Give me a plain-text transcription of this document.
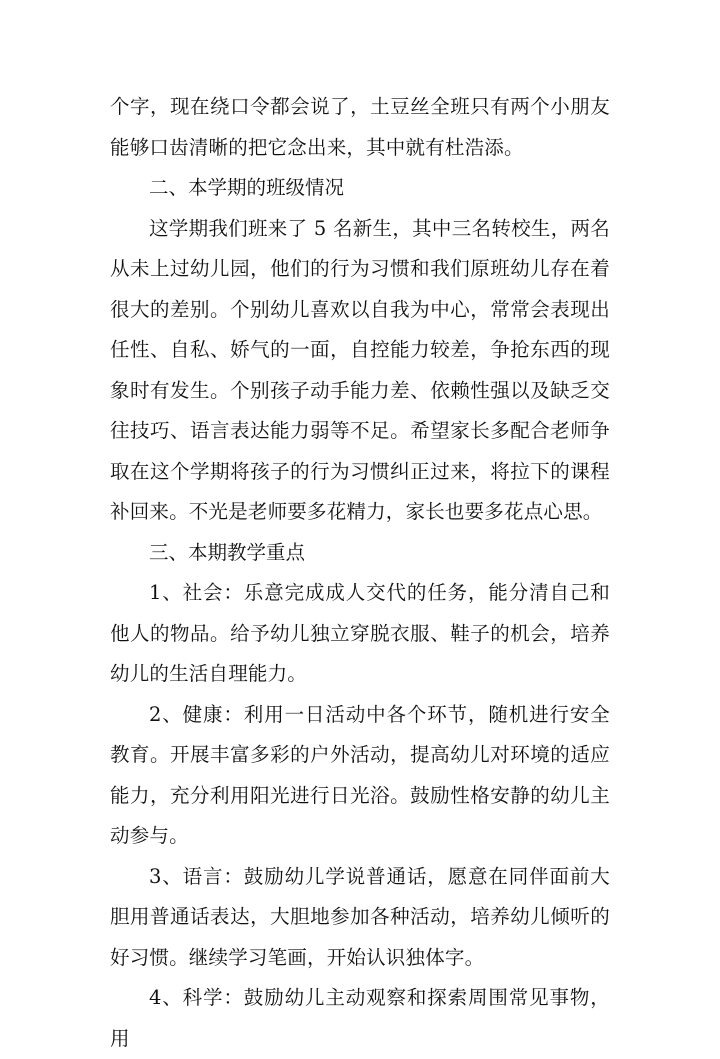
个字，现在绕口令都会说了，土豆丝全班只有两个小朋友能够口齿清晰的把它念出来，其中就有杜浩添。

二、本学期的班级情况

这学期我们班来了 5 名新生，其中三名转校生，两名从未上过幼儿园，他们的行为习惯和我们原班幼儿存在着很大的差别。个别幼儿喜欢以自我为中心，常常会表现出任性、自私、娇气的一面，自控能力较差，争抢东西的现象时有发生。个别孩子动手能力差、依赖性强以及缺乏交往技巧、语言表达能力弱等不足。希望家长多配合老师争取在这个学期将孩子的行为习惯纠正过来，将拉下的课程补回来。不光是老师要多花精力，家长也要多花点心思。

三、本期教学重点

1、社会：乐意完成成人交代的任务，能分清自己和他人的物品。给予幼儿独立穿脱衣服、鞋子的机会，培养幼儿的生活自理能力。

2、健康：利用一日活动中各个环节，随机进行安全教育。开展丰富多彩的户外活动，提高幼儿对环境的适应能力，充分利用阳光进行日光浴。鼓励性格安静的幼儿主动参与。

3、语言：鼓励幼儿学说普通话，愿意在同伴面前大胆用普通话表达，大胆地参加各种活动，培养幼儿倾听的好习惯。继续学习笔画，开始认识独体字。

4、科学：鼓励幼儿主动观察和探索周围常见事物，用
